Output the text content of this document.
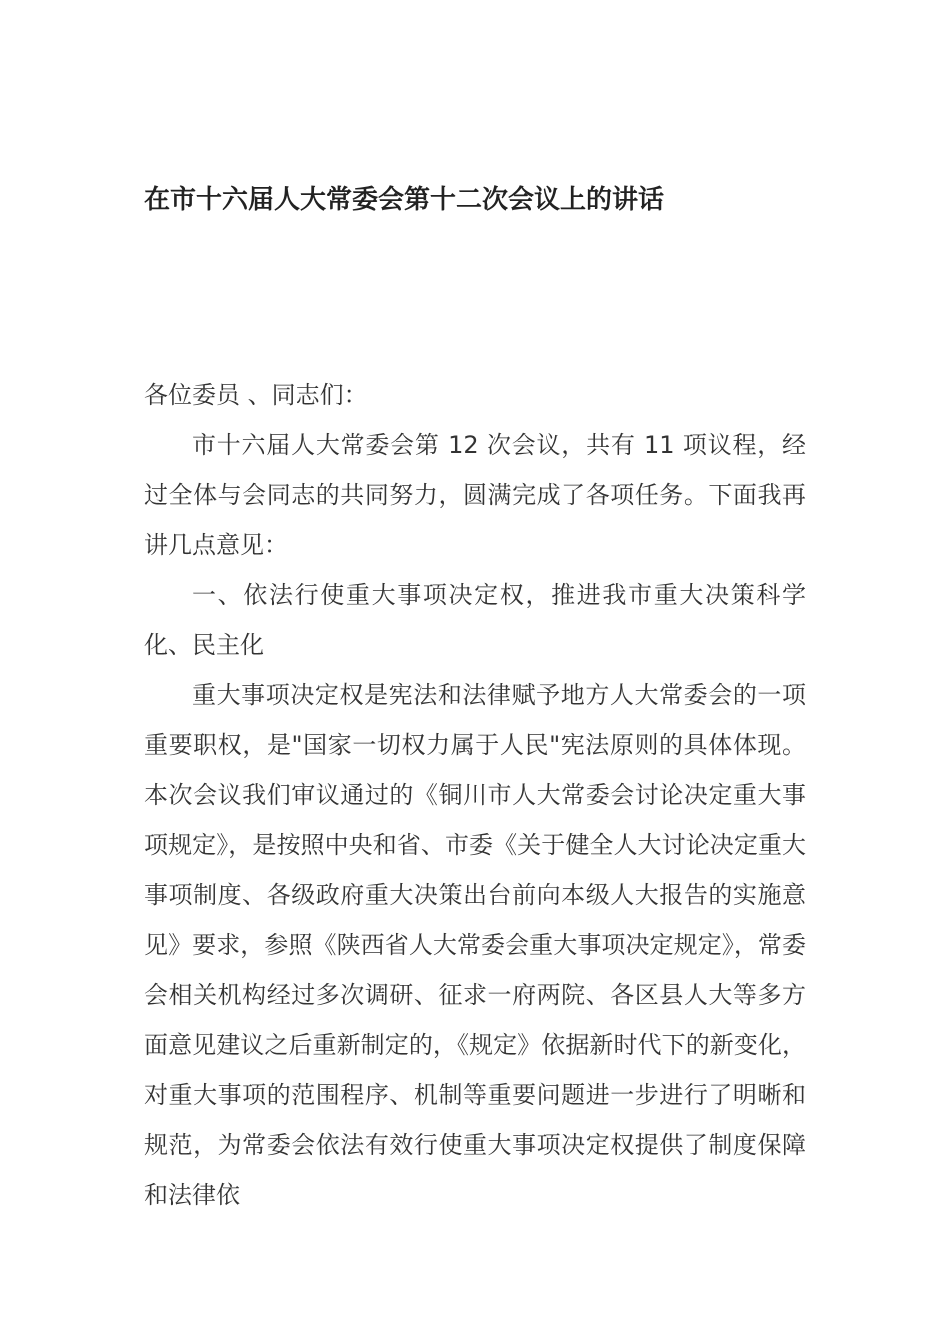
在市十六届人大常委会第十二次会议上的讲话

各位委员 、同志们：

市十六届人大常委会第 12 次会议，共有 11 项议程，经过全体与会同志的共同努力，圆满完成了各项任务。下面我再讲几点意见：

一、依法行使重大事项决定权，推进我市重大决策科学化、民主化

重大事项决定权是宪法和法律赋予地方人大常委会的一项重要职权，是"国家一切权力属于人民"宪法原则的具体体现。本次会议我们审议通过的《铜川市人大常委会讨论决定重大事项规定》，是按照中央和省、市委《关于健全人大讨论决定重大事项制度、各级政府重大决策出台前向本级人大报告的实施意见》要求，参照《陕西省人大常委会重大事项决定规定》，常委会相关机构经过多次调研、征求一府两院、各区县人大等多方面意见建议之后重新制定的，《规定》依据新时代下的新变化，对重大事项的范围程序、机制等重要问题进一步进行了明晰和规范，为常委会依法有效行使重大事项决定权提供了制度保障和法律依
